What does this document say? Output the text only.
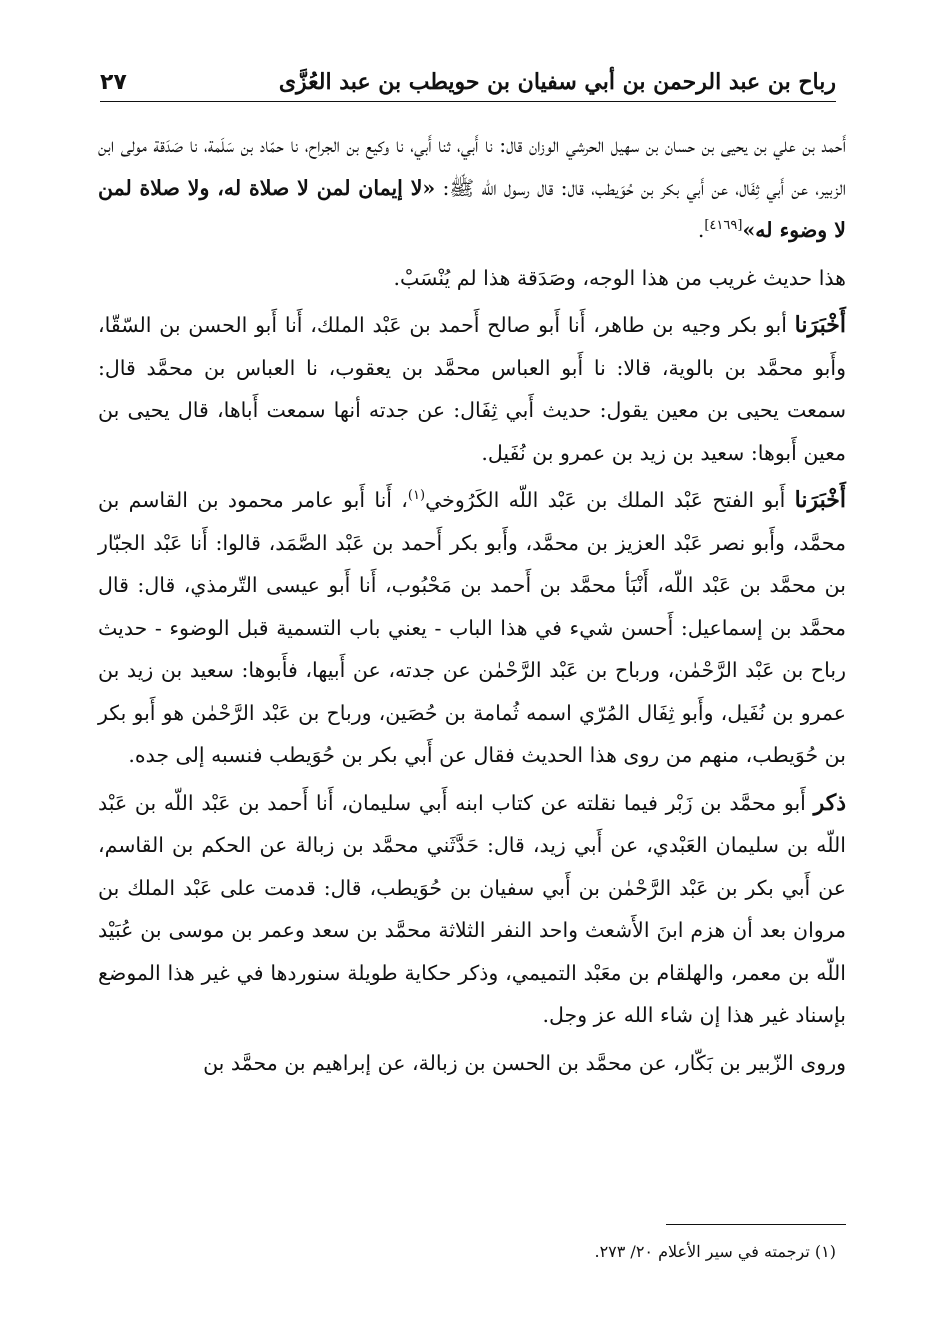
رباح بن عبد الرحمن بن أبي سفيان بن حويطب بن عبد العُزَّى
٢٧

أَحمد بن علي بن يحيى بن حسان بن سهيل الحرشي الوزان قال: نا أَبي، ثنا أَبي، نا وكيع بن الجراح، نا حمّاد بن سَلَمة، نا صَدَقة مولى ابن الزبير، عن أَبي ثِفَال، عن أَبي بكر بن حُوَيطب، قال: قال رسول الله ﷺ: «لا إيمان لمن لا صلاة له، ولا صلاة لمن لا وضوء له»[٤١٦٩].

هذا حديث غريب من هذا الوجه، وصَدَقة هذا لم يُنْسَبْ.

أَخْبَرَنا أبو بكر وجيه بن طاهر، أَنا أَبو صالح أَحمد بن عَبْد الملك، أَنا أَبو الحسن بن السّقّا، وأَبو محمَّد بن بالوية، قالا: نا أَبو العباس محمَّد بن يعقوب، نا العباس بن محمَّد قال: سمعت يحيى بن معين يقول: حديث أَبي ثِفَال: عن جدته أنها سمعت أَباها، قال يحيى بن معين أَبوها: سعيد بن زيد بن عمرو بن نُفَيل.

أَخْبَرَنا أَبو الفتح عَبْد الملك بن عَبْد اللّه الكَرُوخي$^{(١)}$، أَنا أَبو عامر محمود بن القاسم بن محمَّد، وأَبو نصر عَبْد العزيز بن محمَّد، وأَبو بكر أَحمد بن عَبْد الصَّمَد، قالوا: أَنا عَبْد الجبّار بن محمَّد بن عَبْد اللّه، أَنْبَأ محمَّد بن أَحمد بن مَحْبُوب، أَنا أَبو عيسى التّرمذي، قال: قال محمَّد بن إسماعيل: أَحسن شيء في هذا الباب - يعني باب التسمية قبل الوضوء - حديث رباح بن عَبْد الرَّحْمٰن، ورباح بن عَبْد الرَّحْمٰن عن جدته، عن أَبيها، فأَبوها: سعيد بن زيد بن عمرو بن نُفَيل، وأَبو ثِفَال المُرّي اسمه ثُمامة بن حُصَين، ورباح بن عَبْد الرَّحْمٰن هو أَبو بكر بن حُوَيطب، منهم من روى هذا الحديث فقال عن أَبي بكر بن حُوَيطب فنسبه إلى جده.

ذكر أَبو محمَّد بن زَبْر فيما نقلته عن كتاب ابنه أَبي سليمان، أَنا أَحمد بن عَبْد اللّه بن عَبْد اللّه بن سليمان العَبْدي، عن أَبي زيد، قال: حَدَّثَني محمَّد بن زبالة عن الحكم بن القاسم، عن أَبي بكر بن عَبْد الرَّحْمٰن بن أَبي سفيان بن حُوَيطب، قال: قدمت على عَبْد الملك بن مروان بعد أن هزم ابنَ الأَشعث واحد النفر الثلاثة محمَّد بن سعد وعمر بن موسى بن عُبَيْد اللّه بن معمر، والهلقام بن معَبْد التميمي، وذكر حكاية طويلة سنوردها في غير هذا الموضع بإسناد غير هذا إن شاء الله عز وجل.

وروى الزّبير بن بَكّار، عن محمَّد بن الحسن بن زبالة، عن إبراهيم بن محمَّد بن

(١) ترجمته في سير الأعلام ٢٠/ ٢٧٣.
